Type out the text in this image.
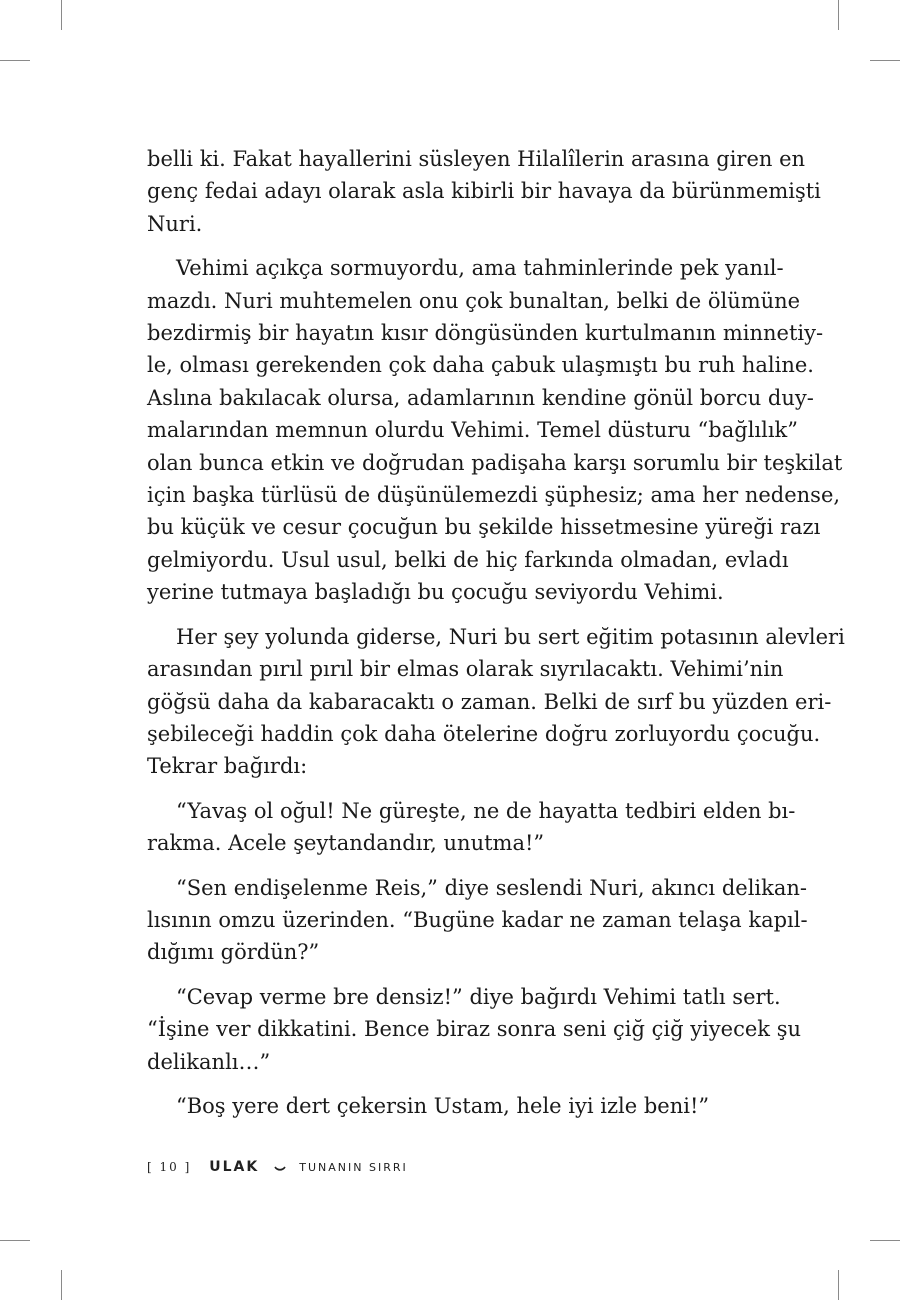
belli ki. Fakat hayallerini süsleyen Hilalîlerin arasına giren en
genç fedai adayı olarak asla kibirli bir havaya da bürünmemişti
Nuri.
Vehimi açıkça sormuyordu, ama tahminlerinde pek yanıl-
mazdı. Nuri muhtemelen onu çok bunaltan, belki de ölümüne
bezdirmiş bir hayatın kısır döngüsünden kurtulmanın minnetiy-
le, olması gerekenden çok daha çabuk ulaşmıştı bu ruh haline.
Aslına bakılacak olursa, adamlarının kendine gönül borcu duy-
malarından memnun olurdu Vehimi. Temel düsturu “bağlılık”
olan bunca etkin ve doğrudan padişaha karşı sorumlu bir teşkilat
için başka türlüsü de düşünülemezdi şüphesiz; ama her nedense,
bu küçük ve cesur çocuğun bu şekilde hissetmesine yüreği razı
gelmiyordu. Usul usul, belki de hiç farkında olmadan, evladı
yerine tutmaya başladığı bu çocuğu seviyordu Vehimi.
Her şey yolunda giderse, Nuri bu sert eğitim potasının alevleri
arasından pırıl pırıl bir elmas olarak sıyrılacaktı. Vehimi’nin
göğsü daha da kabaracaktı o zaman. Belki de sırf bu yüzden eri-
şebileceği haddin çok daha ötelerine doğru zorluyordu çocuğu.
Tekrar bağırdı:
“Yavaş ol oğul! Ne güreşte, ne de hayatta tedbiri elden bı-
rakma. Acele şeytandandır, unutma!”
“Sen endişelenme Reis,” diye seslendi Nuri, akıncı delikan-
lısının omzu üzerinden. “Bugüne kadar ne zaman telaşa kapıl-
dığımı gördün?”
“Cevap verme bre densiz!” diye bağırdı Vehimi tatlı sert.
“İşine ver dikkatini. Bence biraz sonra seni çiğ çiğ yiyecek şu
delikanlı…”
“Boş yere dert çekersin Ustam, hele iyi izle beni!”
[ 10 ] ULAK	TUNANIN SIRRI
